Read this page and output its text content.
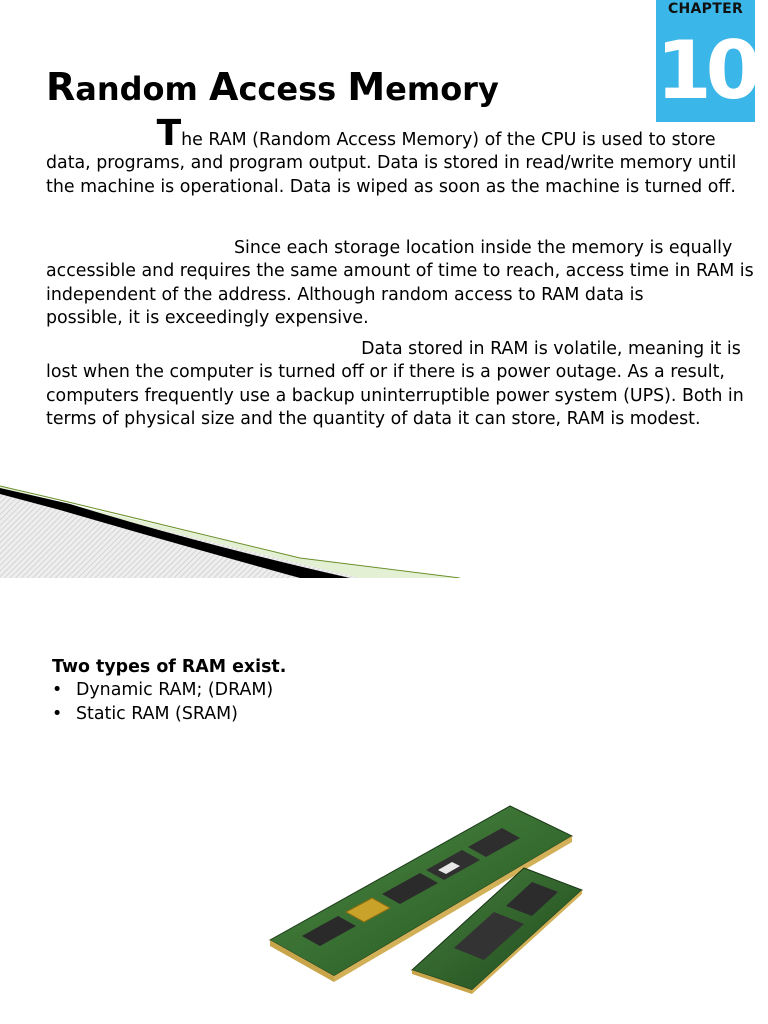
CHAPTER
10
Random Access Memory

The RAM (Random Access Memory) of the CPU is used to store
data, programs, and program output. Data is stored in read/write memory until the machine is operational. Data is wiped as soon as the machine is turned off.

Since each storage location inside the memory is equally accessible and requires the same amount of time to reach, access time in RAM is independent of the address. Although random access to RAM data is
possible, it is exceedingly expensive.

Data stored in RAM is volatile, meaning it is lost when the computer is turned off or if there is a power outage. As a result, computers frequently use a backup uninterruptible power system (UPS). Both in terms of physical size and the quantity of data it can store, RAM is modest.

Two types of RAM exist.
• Dynamic RAM; (DRAM)
• Static RAM (SRAM)
